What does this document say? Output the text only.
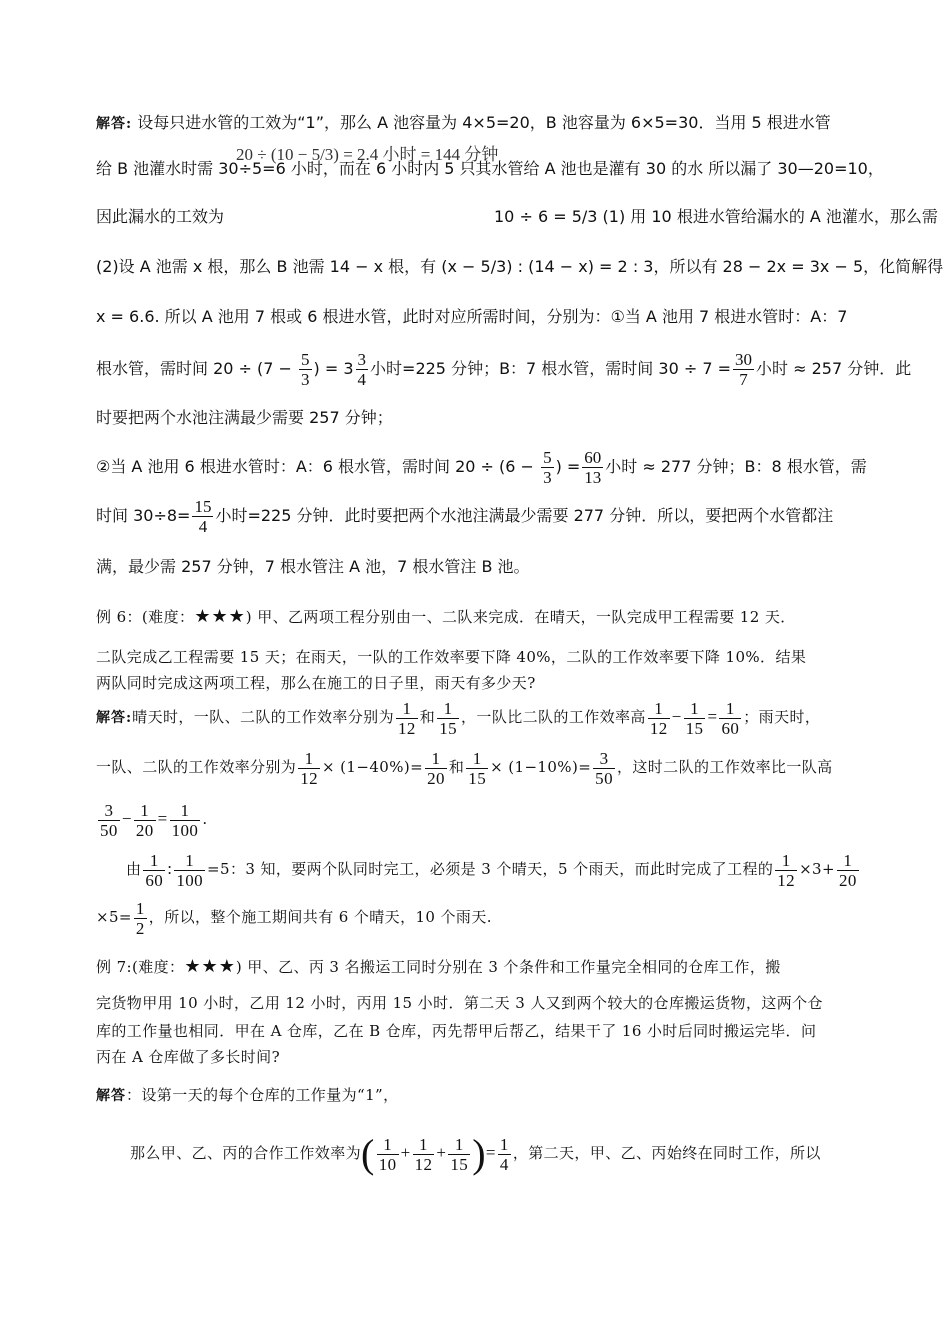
解答: 设每只进水管的工效为“1”，那么 A 池容量为 4×5=20，B 池容量为 6×5=30．当用 5 根进水管
20 ÷ (10 − 5/3) = 2.4 小时 = 144 分钟
给 B 池灌水时需 30÷5=6 小时，而在 6 小时内 5 只其水管给 A 池也是灌有 30 的水 所以漏了 30—20=10，
因此漏水的工效为	10 ÷ 6 = 5/3 (1) 用 10 根进水管给漏水的 A 池灌水，那么需
(2)设 A 池需 x 根，那么 B 池需 14 − x 根，有 (x − 5/3) : (14 − x) = 2 : 3，所以有 28 − 2x = 3x − 5，化简解得
x = 6.6. 所以 A 池用 7 根或 6 根进水管，此时对应所需时间，分别为：①当 A 池用 7 根进水管时：A：7
根水管，需时间 $20 \div (7 - \frac{5}{3}$ ) = $3 \frac{3}{4}$ 小时=225 分钟；B：7 根水管，需时间 $30 \div 7 = \frac{30}{7}$ 小时 ≈ 257 分钟．此
时要把两个水池注满最少需要 257 分钟；
②当 A 池用 6 根进水管时：A：6 根水管，需时间 $20 \div (6 - \frac{5}{3}$ ) = $\frac{60}{13}$ 小时 ≈ 277 分钟；B：8 根水管，需
时间 $30\div 8= \frac{15}{4}$ 小时=225 分钟．此时要把两个水池注满最少需要 277 分钟．所以，要把两个水管都注
满，最少需 257 分钟，7 根水管注 A 池，7 根水管注 B 池。
例 6：(难度：★★★) 甲、乙两项工程分别由一、二队来完成．在晴天，一队完成甲工程需要 12 天．
二队完成乙工程需要 15 天；在雨天，一队的工作效率要下降 40%，二队的工作效率要下降 10%．结果
两队同时完成这两项工程，那么在施工的日子里，雨天有多少天?
解答:晴天时，一队、二队的工作效率分别为 $\frac{1}{12}$ 和 $\frac{1}{15}$ ，一队比二队的工作效率高 $\frac{1}{12} - \frac{1}{15} = \frac{1}{60}$ ；雨天时，
一队、二队的工作效率分别为 $\frac{1}{12} \times (1-40\%)= \frac{1}{20}$ 和 $\frac{1}{15} \times (1-10\%)= \frac{3}{50}$ ，这时二队的工作效率比一队高
$\frac{3}{50} - \frac{1}{20} = \frac{1}{100}$ .
由 $\frac{1}{60}$ : $\frac{1}{100} =5$：3 知，要两个队同时完工，必须是 3 个晴天，5 个雨天，而此时完成了工程的 $\frac{1}{12} \times 3+ \frac{1}{20}$
$\times 5= \frac{1}{2}$ ，所以，整个施工期间共有 6 个晴天，10 个雨天.
例 7:(难度：★★★) 甲、乙、丙 3 名搬运工同时分别在 3 个条件和工作量完全相同的仓库工作，搬
完货物甲用 10 小时，乙用 12 小时，丙用 15 小时．第二天 3 人又到两个较大的仓库搬运货物，这两个仓
库的工作量也相同．甲在 A 仓库，乙在 B 仓库，丙先帮甲后帮乙，结果干了 16 小时后同时搬运完毕．问
丙在 A 仓库做了多长时间?
解答：设第一天的每个仓库的工作量为“1”，
那么甲、乙、丙的合作工作效率为( $\frac{1}{10} + \frac{1}{12} + \frac{1}{15}$ )= $\frac{1}{4}$ ，第二天，甲、乙、丙始终在同时工作，所以
